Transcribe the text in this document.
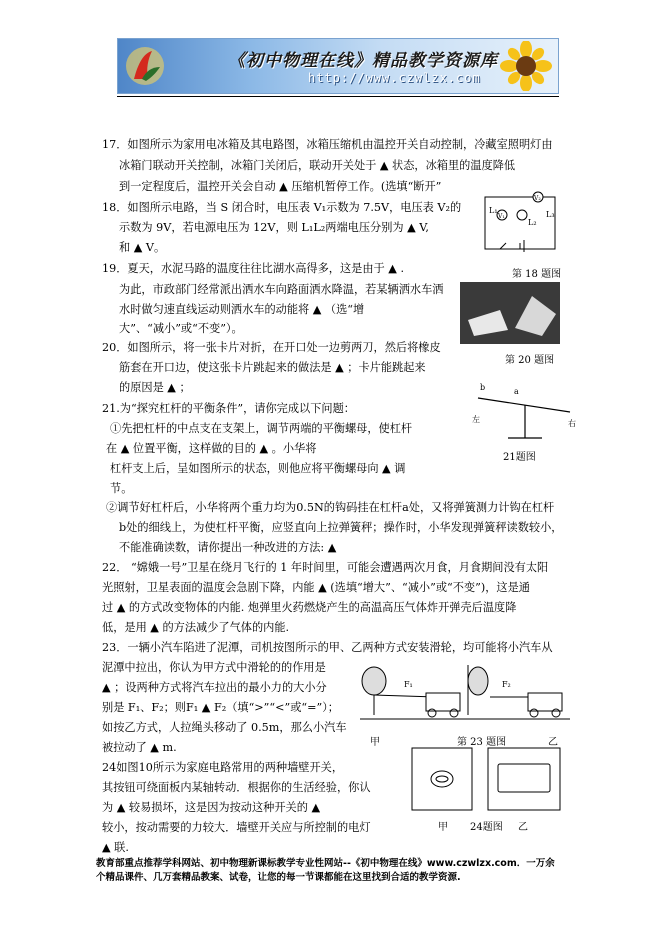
《初中物理在线》精品教学资源库
http://www.czwlzx.com
17．如图所示为家用电冰箱及其电路图，冰箱压缩机由温控开关自动控制，冷藏室照明灯由
冰箱门联动开关控制，冰箱门关闭后，联动开关处于 ▲ 状态，冰箱里的温度降低
到一定程度后，温控开关会自动 ▲ 压缩机暂停工作。(选填“断开”
18．如图所示电路，当 S 闭合时，电压表 V₁示数为 7.5V，电压表 V₂的
示数为 9V，若电源电压为 12V，则 L₁L₂两端电压分别为 ▲ V,
和 ▲ V。
19．夏天，水泥马路的温度往往比湖水高得多，这是由于 ▲ .
为此，市政部门经常派出洒水车向路面洒水降温，若某辆洒水车洒
水时做匀速直线运动则洒水车的动能将 ▲ （选“增
大”、“减小”或“不变”）。
20．如图所示，将一张卡片对折，在开口处一边剪两刀，然后将橡皮
筋套在开口边，使这张卡片跳起来的做法是 ▲ ；卡片能跳起来
的原因是 ▲ ；
21.为“探究杠杆的平衡条件”，请你完成以下问题：
①先把杠杆的中点支在支架上，调节两端的平衡螺母，使杠杆
在 ▲ 位置平衡，这样做的目的 ▲ 。小华将
杠杆支上后，呈如图所示的状态，则他应将平衡螺母向 ▲ 调
节。
②调节好杠杆后，小华将两个重力均为0.5N的钩码挂在杠杆a处，又将弹簧测力计钩在杠杆
b处的细线上，为使杠杆平衡，应竖直向上拉弹簧秤；操作时，小华发现弹簧秤读数较小，
不能准确读数，请你提出一种改进的方法: ▲
22． “嫦娥一号”卫星在绕月飞行的 1 年时间里，可能会遭遇两次月食，月食期间没有太阳
光照射，卫星表面的温度会急剧下降，内能 ▲ (选填“增大”、“减小”或“不变”)，这是通
过 ▲ 的方式改变物体的内能. 炮弹里火药燃烧产生的高温高压气体炸开弹壳后温度降
低，是用 ▲ 的方法减少了气体的内能.
23．一辆小汽车陷进了泥潭，司机按图所示的甲、乙两种方式安装滑轮，均可能将小汽车从
泥潭中拉出，你认为甲方式中滑轮的的作用是
▲ ；设两种方式将汽车拉出的最小力的大小分
别是 F₁、F₂；则F₁ ▲ F₂（填“>”“<”或“=”）；
如按乙方式，人拉绳头移动了 0.5m，那么小汽车
被拉动了 ▲ m.
24如图10所示为家庭电路常用的两种墙壁开关，
其按钮可绕面板内某轴转动．根据你的生活经验，你认
为 ▲ 较易损坏，这是因为按动这种开关的 ▲
较小，按动需要的力较大．墙壁开关应与所控制的电灯
▲ 联.
L₁
L₂
L₃
V₁
V₂
第 18 题图
第 20 题图
b	a
左	右
21题图
F₁	F₂
甲	第 23 题图	乙
甲 24题图 乙
教育部重点推荐学科网站、初中物理新课标教学专业性网站--《初中物理在线》www.czwlzx.com．一万余
个精品课件、几万套精品教案、试卷，让您的每一节课都能在这里找到合适的教学资源.
